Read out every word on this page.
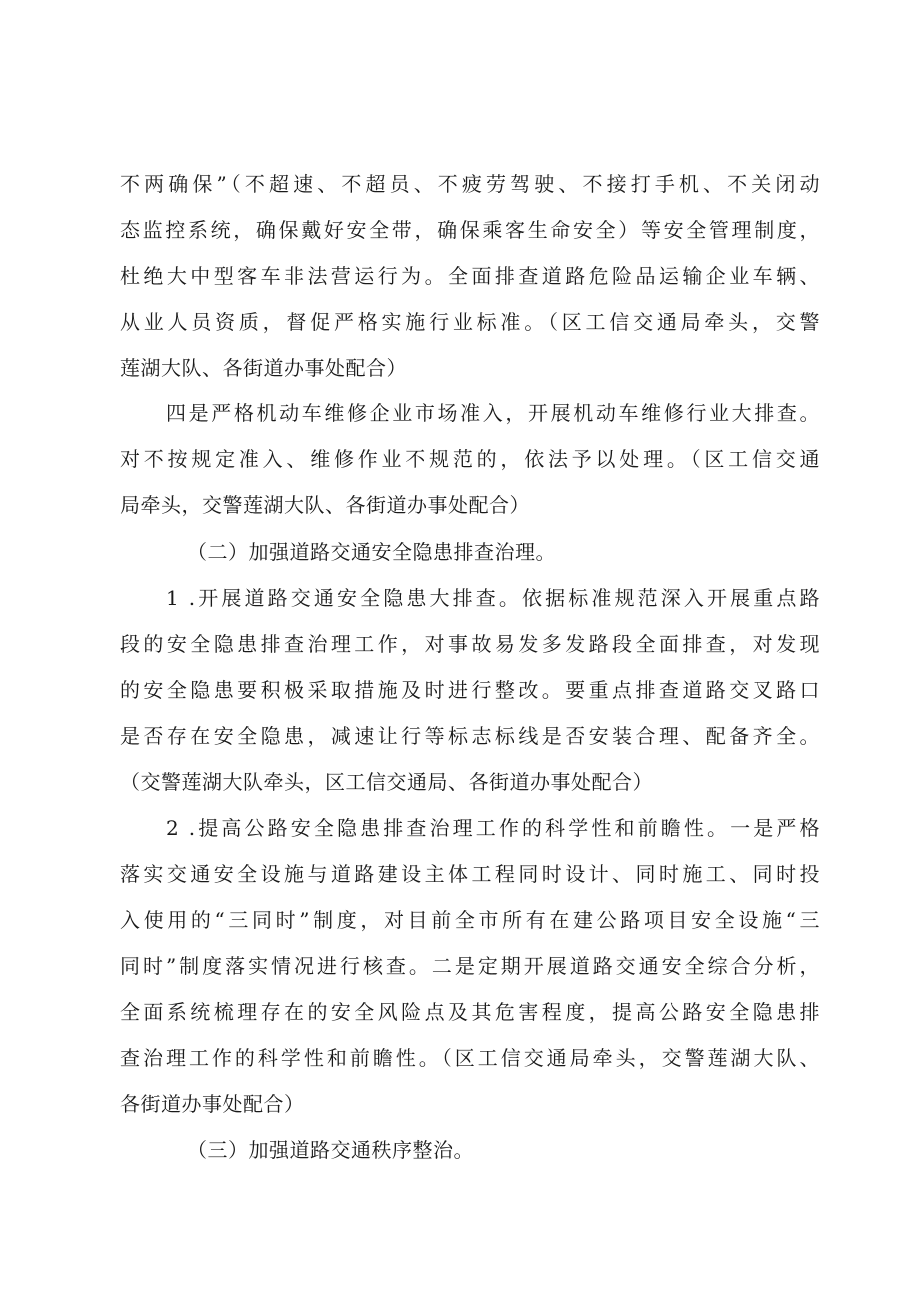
不两确保”（不超速、不超员、不疲劳驾驶、不接打手机、不关闭动
态监控系统，确保戴好安全带，确保乘客生命安全）等安全管理制度，
杜绝大中型客车非法营运行为。全面排查道路危险品运输企业车辆、
从业人员资质，督促严格实施行业标准。（区工信交通局牵头，交警
莲湖大队、各街道办事处配合）
四是严格机动车维修企业市场准入，开展机动车维修行业大排查。
对不按规定准入、维修作业不规范的，依法予以处理。（区工信交通
局牵头，交警莲湖大队、各街道办事处配合）
（二）加强道路交通安全隐患排查治理。
1 .开展道路交通安全隐患大排查。依据标准规范深入开展重点路
段的安全隐患排查治理工作，对事故易发多发路段全面排查，对发现
的安全隐患要积极采取措施及时进行整改。要重点排查道路交叉路口
是否存在安全隐患，减速让行等标志标线是否安装合理、配备齐全。
（交警莲湖大队牵头，区工信交通局、各街道办事处配合）
2 .提高公路安全隐患排查治理工作的科学性和前瞻性。一是严格
落实交通安全设施与道路建设主体工程同时设计、同时施工、同时投
入使用的“三同时”制度，对目前全市所有在建公路项目安全设施“三
同时”制度落实情况进行核查。二是定期开展道路交通安全综合分析，
全面系统梳理存在的安全风险点及其危害程度，提高公路安全隐患排
查治理工作的科学性和前瞻性。（区工信交通局牵头，交警莲湖大队、
各街道办事处配合）
（三）加强道路交通秩序整治。
